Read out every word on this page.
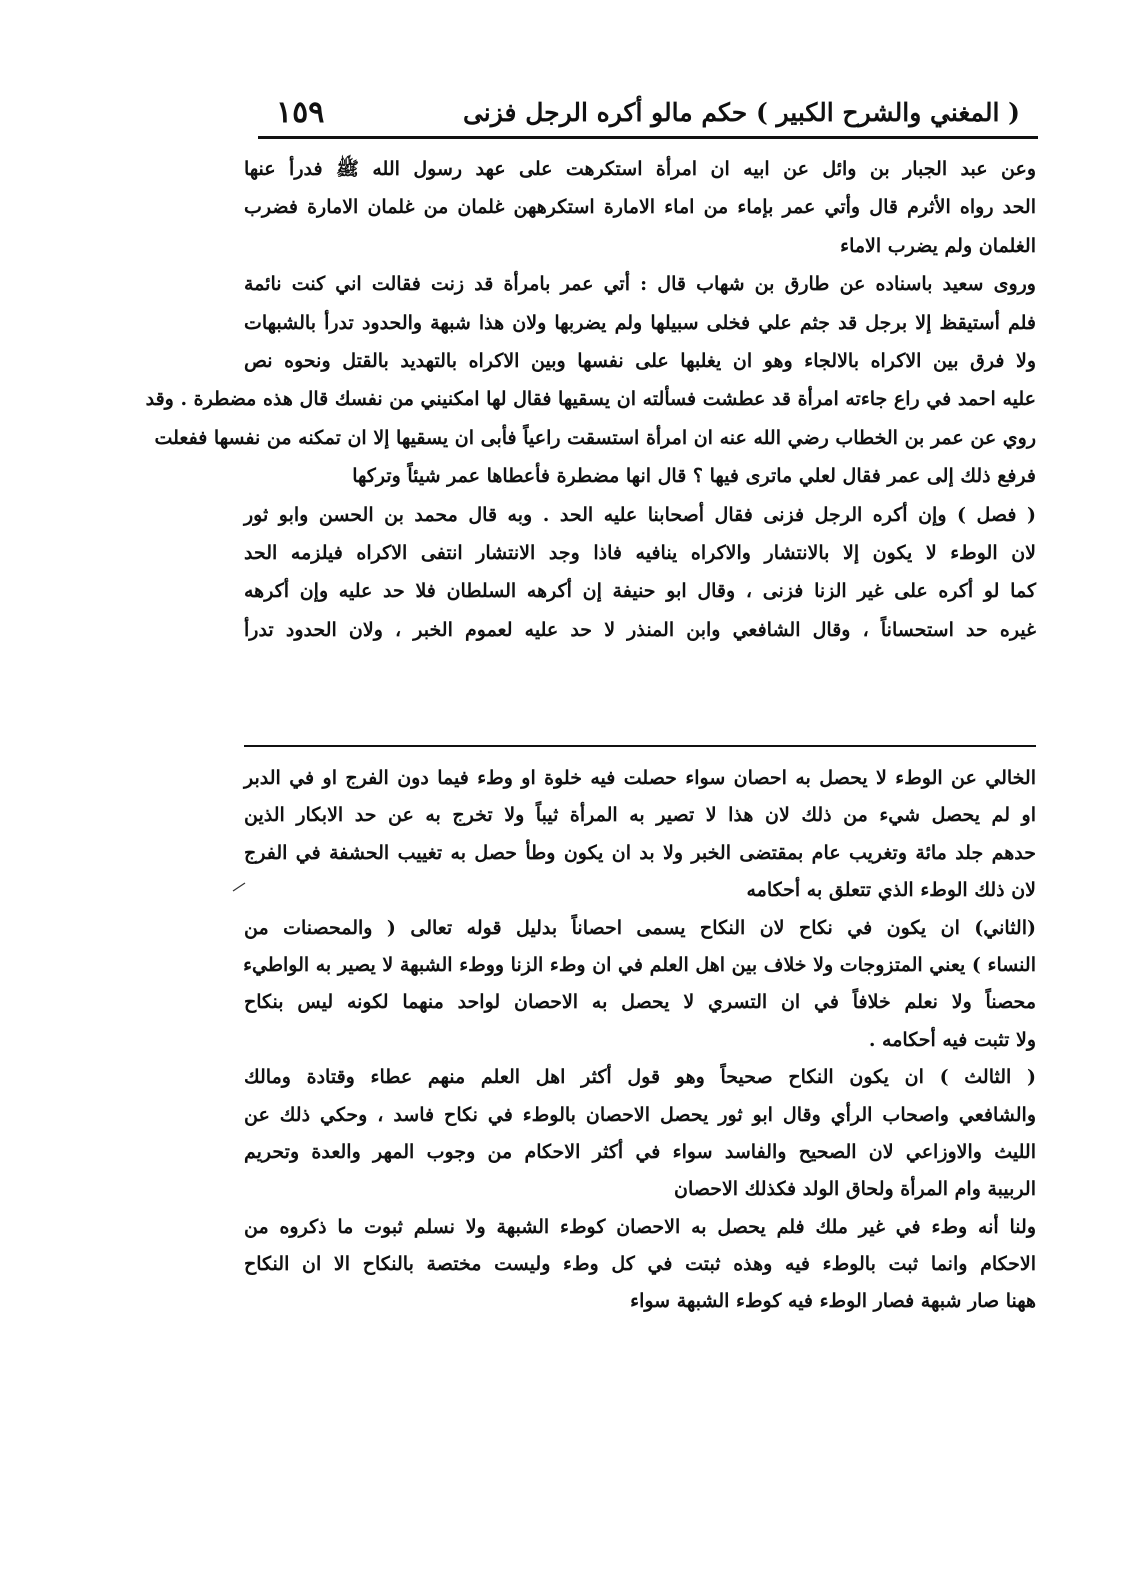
( المغني والشرح الكبير ) حكم مالو أكره الرجل فزنى
١٥٩
وعن عبد الجبار بن وائل عن ابيه ان امرأة استكرهت على عهد رسول الله ﷺ فدرأ عنها
الحد رواه الأثرم قال وأتي عمر بإماء من اماء الامارة استكرههن غلمان من غلمان الامارة فضرب
الغلمان ولم يضرب الاماء
وروى سعيد باسناده عن طارق بن شهاب قال : أتي عمر بامرأة قد زنت فقالت اني كنت نائمة
فلم أستيقظ إلا برجل قد جثم علي فخلى سبيلها ولم يضربها ولان هذا شبهة والحدود تدرأ بالشبهات
ولا فرق بين الاكراه بالالجاء وهو ان يغلبها على نفسها وبين الاكراه بالتهديد بالقتل ونحوه نص
عليه احمد في راع جاءته امرأة قد عطشت فسألته ان يسقيها فقال لها امكنيني من نفسك قال هذه مضطرة . وقد
روي عن عمر بن الخطاب رضي الله عنه ان امرأة استسقت راعياً فأبى ان يسقيها إلا ان تمكنه من نفسها ففعلت
فرفع ذلك إلى عمر فقال لعلي ماترى فيها ؟ قال انها مضطرة فأعطاها عمر شيئاً وتركها
( فصل ) وإن أكره الرجل فزنى فقال أصحابنا عليه الحد . وبه قال محمد بن الحسن وابو ثور
لان الوطء لا يكون إلا بالانتشار والاكراه ينافيه فاذا وجد الانتشار انتفى الاكراه فيلزمه الحد
كما لو أكره على غير الزنا فزنى ، وقال ابو حنيفة إن أكرهه السلطان فلا حد عليه وإن أكرهه
غيره حد استحساناً ، وقال الشافعي وابن المنذر لا حد عليه لعموم الخبر ، ولان الحدود تدرأ
الخالي عن الوطء لا يحصل به احصان سواء حصلت فيه خلوة او وطء فيما دون الفرج او في الدبر
او لم يحصل شيء من ذلك لان هذا لا تصير به المرأة ثيباً ولا تخرج به عن حد الابكار الذين
حدهم جلد مائة وتغريب عام بمقتضى الخبر ولا بد ان يكون وطأ حصل به تغييب الحشفة في الفرج
لان ذلك الوطء الذي تتعلق به أحكامه
(الثاني) ان يكون في نكاح لان النكاح يسمى احصاناً بدليل قوله تعالى ( والمحصنات من
النساء ) يعني المتزوجات ولا خلاف بين اهل العلم في ان وطء الزنا ووطء الشبهة لا يصير به الواطيء
محصناً ولا نعلم خلافاً في ان التسري لا يحصل به الاحصان لواحد منهما لكونه ليس بنكاح
ولا تثبت فيه أحكامه .
( الثالث ) ان يكون النكاح صحيحاً وهو قول أكثر اهل العلم منهم عطاء وقتادة ومالك
والشافعي واصحاب الرأي وقال ابو ثور يحصل الاحصان بالوطء في نكاح فاسد ، وحكي ذلك عن
الليث والاوزاعي لان الصحيح والفاسد سواء في أكثر الاحكام من وجوب المهر والعدة وتحريم
الربيبة وام المرأة ولحاق الولد فكذلك الاحصان
ولنا أنه وطء في غير ملك فلم يحصل به الاحصان كوطء الشبهة ولا نسلم ثبوت ما ذكروه من
الاحكام وانما ثبت بالوطء فيه وهذه ثبتت في كل وطء وليست مختصة بالنكاح الا ان النكاح
ههنا صار شبهة فصار الوطء فيه كوطء الشبهة سواء
